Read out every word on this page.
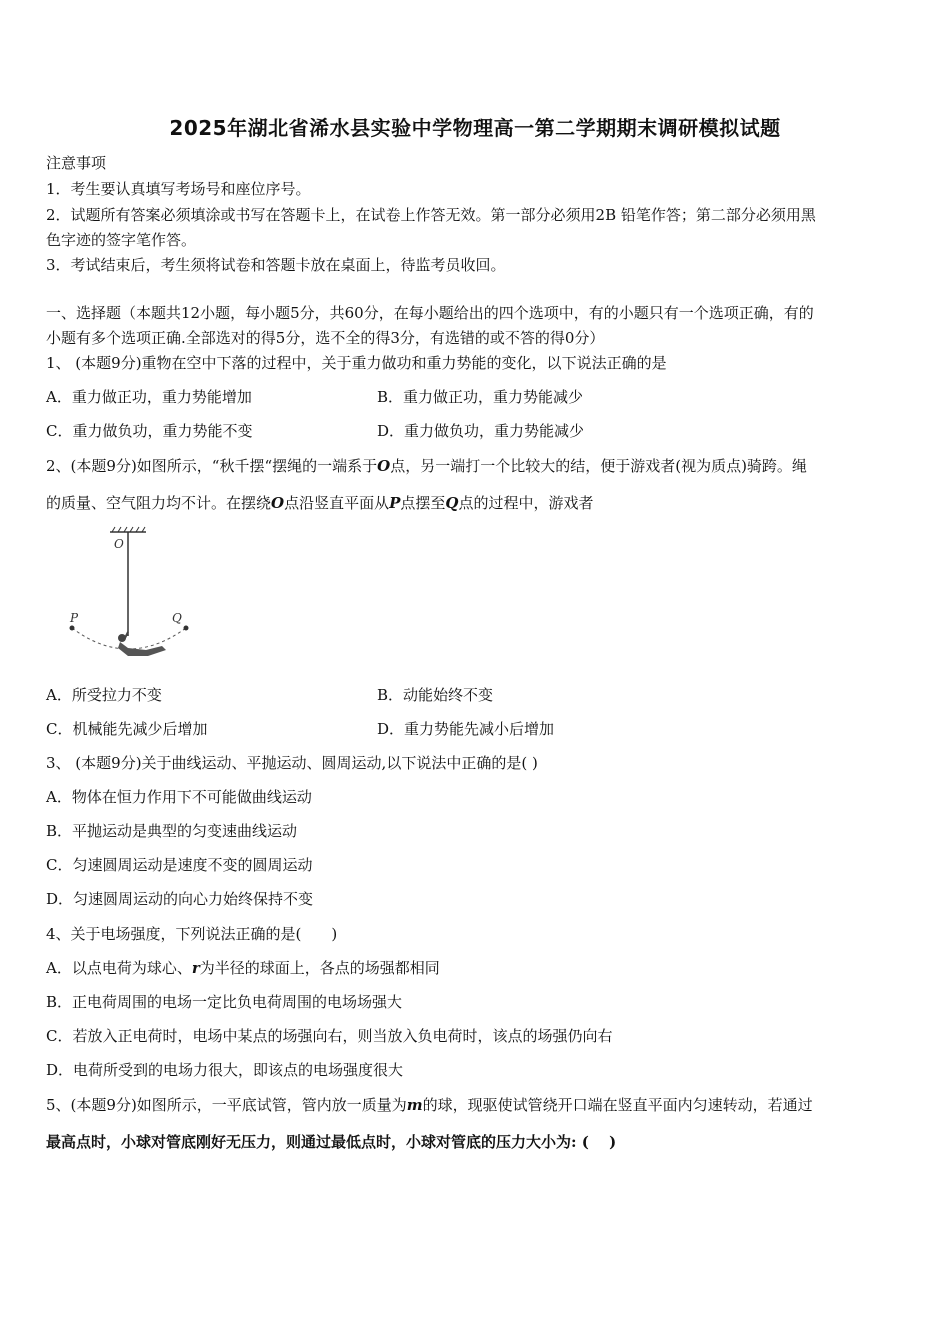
2025年湖北省浠水县实验中学物理高一第二学期期末调研模拟试题
注意事项
1．考生要认真填写考场号和座位序号。
2．试题所有答案必须填涂或书写在答题卡上，在试卷上作答无效。第一部分必须用2B 铅笔作答；第二部分必须用黑
色字迹的签字笔作答。
3．考试结束后，考生须将试卷和答题卡放在桌面上，待监考员收回。
一、选择题（本题共12小题，每小题5分，共60分，在每小题给出的四个选项中，有的小题只有一个选项正确，有的
小题有多个选项正确.全部选对的得5分，选不全的得3分，有选错的或不答的得0分）
1、 (本题9分)重物在空中下落的过程中，关于重力做功和重力势能的变化，以下说法正确的是
A．重力做正功，重力势能增加	B．重力做正功，重力势能减少
C．重力做负功，重力势能不变	D．重力做负功，重力势能减少
2、(本题9分)如图所示，“秋千摆“摆绳的一端系于O点，另一端打一个比较大的结，便于游戏者(视为质点)骑跨。绳
的质量、空气阻力均不计。在摆绕O点沿竖直平面从P点摆至Q点的过程中，游戏者
O
P	Q
A．所受拉力不变	B．动能始终不变
C．机械能先减少后增加	D．重力势能先减小后增加
3、 (本题9分)关于曲线运动、平抛运动、圆周运动,以下说法中正确的是( )
A．物体在恒力作用下不可能做曲线运动
B．平抛运动是典型的匀变速曲线运动
C．匀速圆周运动是速度不变的圆周运动
D．匀速圆周运动的向心力始终保持不变
4、关于电场强度，下列说法正确的是(　　)
A．以点电荷为球心、r为半径的球面上，各点的场强都相同
B．正电荷周围的电场一定比负电荷周围的电场场强大
C．若放入正电荷时，电场中某点的场强向右，则当放入负电荷时，该点的场强仍向右
D．电荷所受到的电场力很大，即该点的电场强度很大
5、(本题9分)如图所示，一平底试管，管内放一质量为m的球，现驱使试管绕开口端在竖直平面内匀速转动，若通过
最高点时，小球对管底刚好无压力，则通过最低点时，小球对管底的压力大小为: (　 )
